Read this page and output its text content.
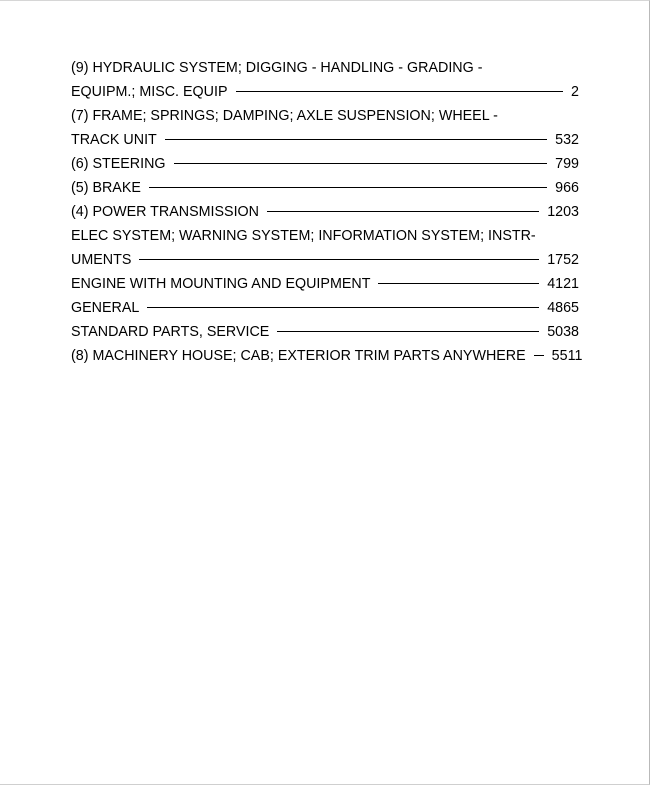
(9) HYDRAULIC SYSTEM; DIGGING - HANDLING - GRADING -
EQUIPM.; MISC. EQUIP	2
(7) FRAME; SPRINGS; DAMPING; AXLE SUSPENSION; WHEEL -
TRACK UNIT	532
(6) STEERING	799
(5) BRAKE	966
(4) POWER TRANSMISSION	1203
ELEC SYSTEM; WARNING SYSTEM; INFORMATION SYSTEM; INSTR-
UMENTS	1752
ENGINE WITH MOUNTING AND EQUIPMENT	4121
GENERAL	4865
STANDARD PARTS, SERVICE	5038
(8) MACHINERY HOUSE; CAB; EXTERIOR TRIM PARTS ANYWHERE 5511
